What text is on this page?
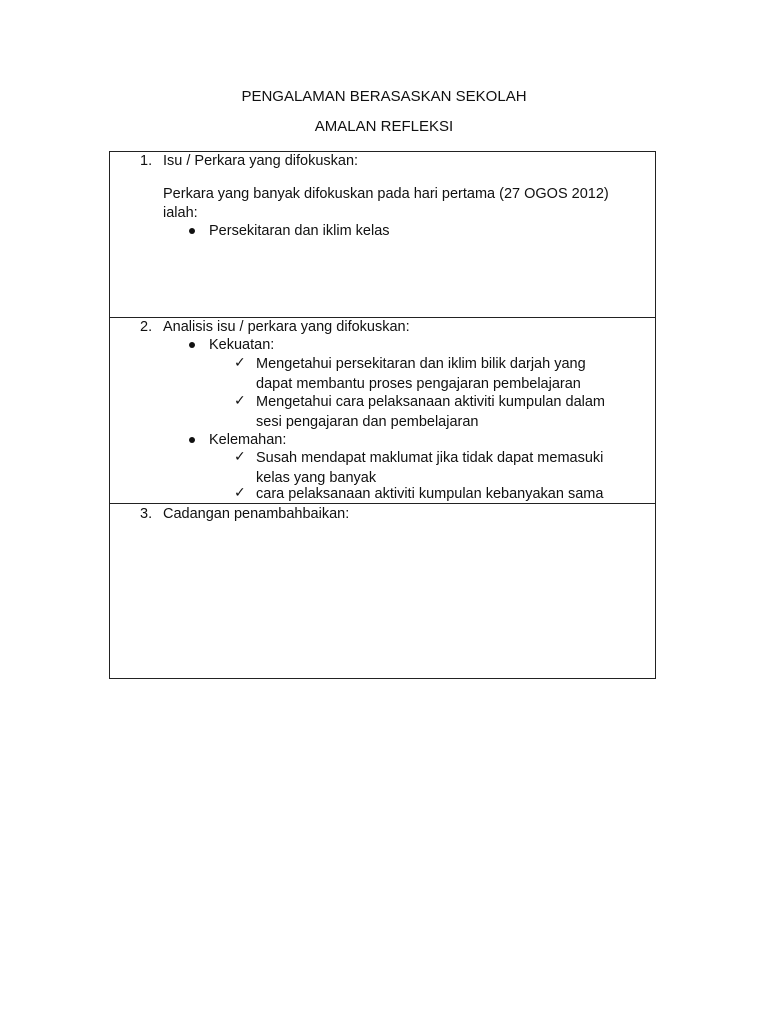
PENGALAMAN BERASASKAN SEKOLAH
AMALAN REFLEKSI
1. Isu / Perkara yang difokuskan:
Perkara yang banyak difokuskan pada hari pertama (27 OGOS 2012)
ialah:
Persekitaran dan iklim kelas
2. Analisis isu / perkara yang difokuskan:
Kekuatan:
✓ Mengetahui persekitaran dan iklim bilik darjah yang
dapat membantu proses pengajaran pembelajaran
✓ Mengetahui cara pelaksanaan aktiviti kumpulan dalam
sesi pengajaran dan pembelajaran
Kelemahan:
✓ Susah mendapat maklumat jika tidak dapat memasuki
kelas yang banyak
✓ cara pelaksanaan aktiviti kumpulan kebanyakan sama
3. Cadangan penambahbaikan:
